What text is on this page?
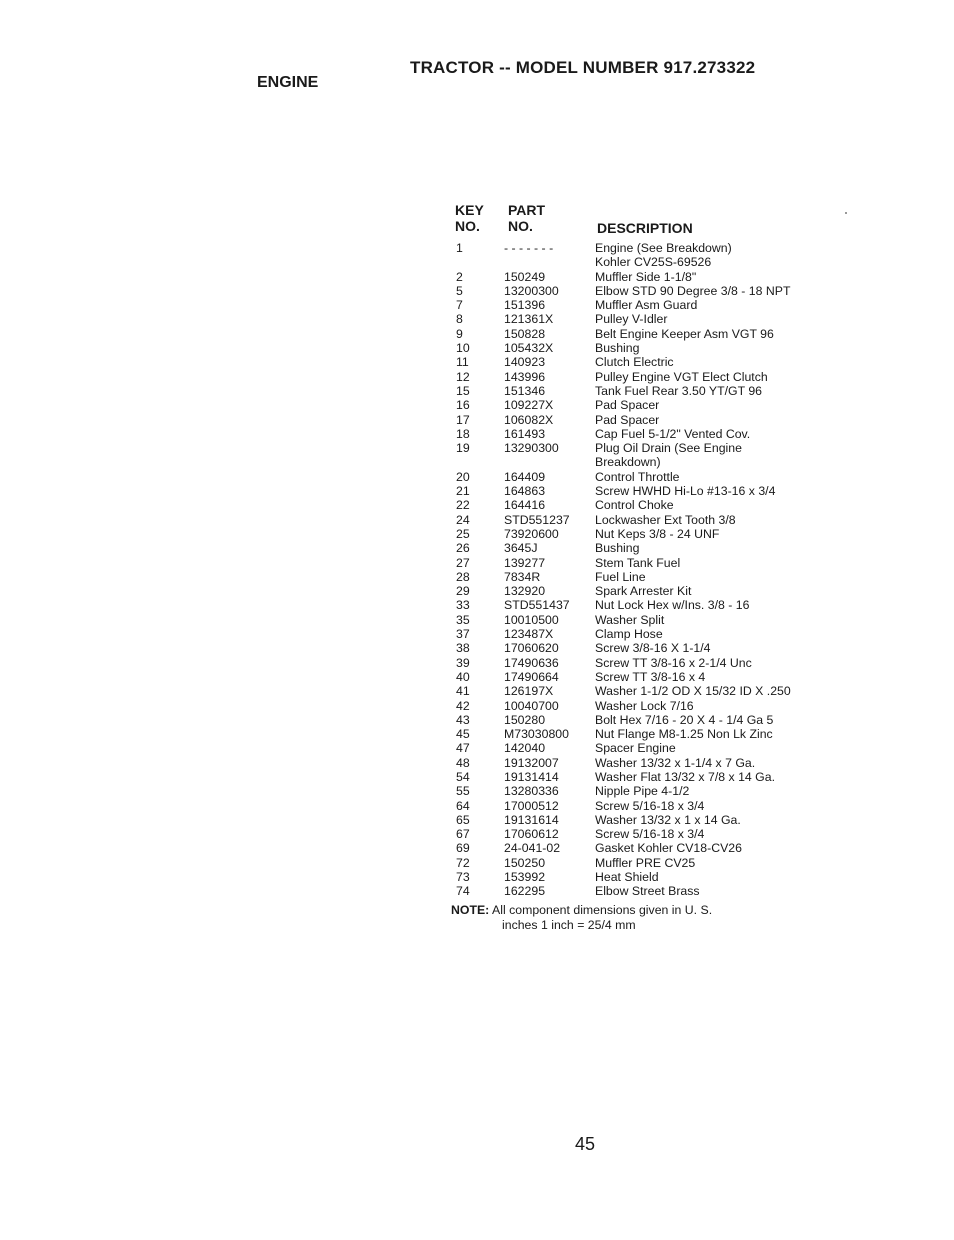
TRACTOR -- MODEL NUMBER 917.273322
ENGINE
KEY
NO.
PART
NO.	DESCRIPTION
1	- - - - - - -	Engine (See Breakdown)
Kohler CV25S-69526
2	150249	Muffler Side 1-1/8"
5	13200300	Elbow STD 90 Degree 3/8 - 18 NPT
7	151396	Muffler Asm Guard
8	121361X	Pulley V-Idler
9	150828	Belt Engine Keeper Asm VGT 96
10	105432X	Bushing
11	140923	Clutch Electric
12	143996	Pulley Engine VGT Elect Clutch
15	151346	Tank Fuel Rear 3.50 YT/GT 96
16	109227X	Pad Spacer
17	106082X	Pad Spacer
18	161493	Cap Fuel 5-1/2" Vented Cov.
19	13290300	Plug Oil Drain (See Engine
Breakdown)
20	164409	Control Throttle
21	164863	Screw HWHD Hi-Lo #13-16 x 3/4
22	164416	Control Choke
24	STD551237 Lockwasher Ext Tooth 3/8
25	73920600	Nut Keps 3/8 - 24 UNF
26	3645J	Bushing
27	139277	Stem Tank Fuel
28	7834R	Fuel Line
29	132920	Spark Arrester Kit
33	STD551437 Nut Lock Hex w/Ins. 3/8 - 16
35	10010500	Washer Split
37	123487X	Clamp Hose
38	17060620	Screw 3/8-16 X 1-1/4
39	17490636	Screw TT 3/8-16 x 2-1/4 Unc
40	17490664	Screw TT 3/8-16 x 4
41	126197X	Washer 1-1/2 OD X 15/32 ID X .250
42	10040700	Washer Lock 7/16
43	150280	Bolt Hex 7/16 - 20 X 4 - 1/4 Ga 5
45	M73030800 Nut Flange M8-1.25 Non Lk Zinc
47	142040	Spacer Engine
48	19132007	Washer 13/32 x 1-1/4 x 7 Ga.
54	19131414	Washer Flat 13/32 x 7/8 x 14 Ga.
55	13280336	Nipple Pipe 4-1/2
64	17000512	Screw 5/16-18 x 3/4
65	19131614	Washer 13/32 x 1 x 14 Ga.
67	17060612	Screw 5/16-18 x 3/4
69	24-041-02	Gasket Kohler CV18-CV26
72	150250	Muffler PRE CV25
73	153992	Heat Shield
74	162295	Elbow Street Brass
NOTE: All component dimensions given in U. S.
inches 1 inch = 25/4 mm
45
